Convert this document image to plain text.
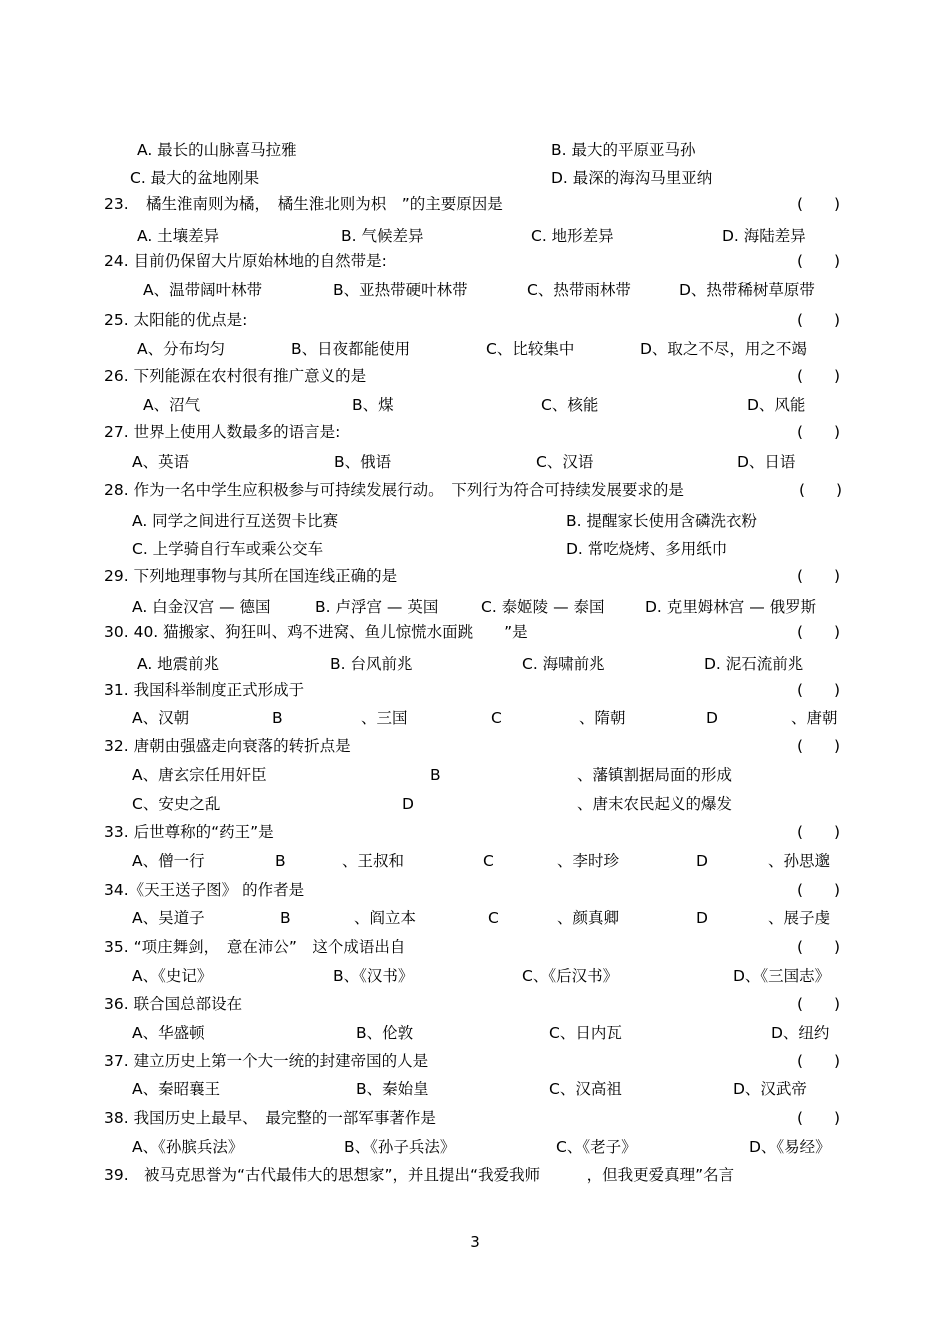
A. 最长的山脉喜马拉雅	B. 最大的平原亚马孙
C. 最大的盆地刚果	D. 最深的海沟马里亚纳
23. 橘生淮南则为橘，　橘生淮北则为枳　”的主要原因是	(　　)
A. 土壤差异	B. 气候差异	C. 地形差异	D. 海陆差异
24. 目前仍保留大片原始林地的自然带是:	(　　)
A、温带阔叶林带	B、亚热带硬叶林带	C、热带雨林带	D、热带稀树草原带
25. 太阳能的优点是:	(　　)
A、分布均匀	B、日夜都能使用	C、比较集中	D、取之不尽，用之不竭
26. 下列能源在农村很有推广意义的是	(　　)
A、沼气	B、煤	C、核能	D、风能
27. 世界上使用人数最多的语言是:	(　　)
A、英语	B、俄语	C、汉语	D、日语
28. 作为一名中学生应积极参与可持续发展行动。　下列行为符合可持续发展要求的是	(　　)
A. 同学之间进行互送贺卡比赛	B. 提醒家长使用含磷洗衣粉
C. 上学骑自行车或乘公交车	D. 常吃烧烤、多用纸巾
29. 下列地理事物与其所在国连线正确的是	(　　)
A. 白金汉宫 — 德国	B. 卢浮宫 — 英国	C. 泰姬陵 — 泰国	D. 克里姆林宫 — 俄罗斯
30. 40. 猫搬家、狗狂叫、鸡不进窝、鱼儿惊慌水面跳　　”是	(　　)
A. 地震前兆	B. 台风前兆	C. 海啸前兆	D. 泥石流前兆
31. 我国科举制度正式形成于	(　　)
A、汉朝	B	、三国	C	、隋朝	D	、唐朝
32. 唐朝由强盛走向衰落的转折点是	(　　)
A、唐玄宗任用奸臣	B	、藩镇割据局面的形成
C、安史之乱	D	、唐末农民起义的爆发
33. 后世尊称的“药王”是	(　　)
A、僧一行	B	、王叔和	C	、李时珍	D	、孙思邈
34.《天王送子图》 的作者是	(　　)
A、吴道子	B	、阎立本	C	、颜真卿	D	、展子虔
35. “项庄舞剑，　意在沛公”　这个成语出自	(　　)
A、《史记》	B、《汉书》	C、《后汉书》	D、《三国志》
36. 联合国总部设在	(　　)
A、华盛顿	B、伦敦	C、日内瓦	D、纽约
37. 建立历史上第一个大一统的封建帝国的人是	(　　)
A、秦昭襄王	B、秦始皇	C、汉高祖	D、汉武帝
38. 我国历史上最早、　最完整的一部军事著作是	(　　)
A、《孙膑兵法》	B、《孙子兵法》	C、《老子》	D、《易经》
39. 被马克思誉为“古代最伟大的思想家”，并且提出“我爱我师　　　，但我更爱真理”名言
3
